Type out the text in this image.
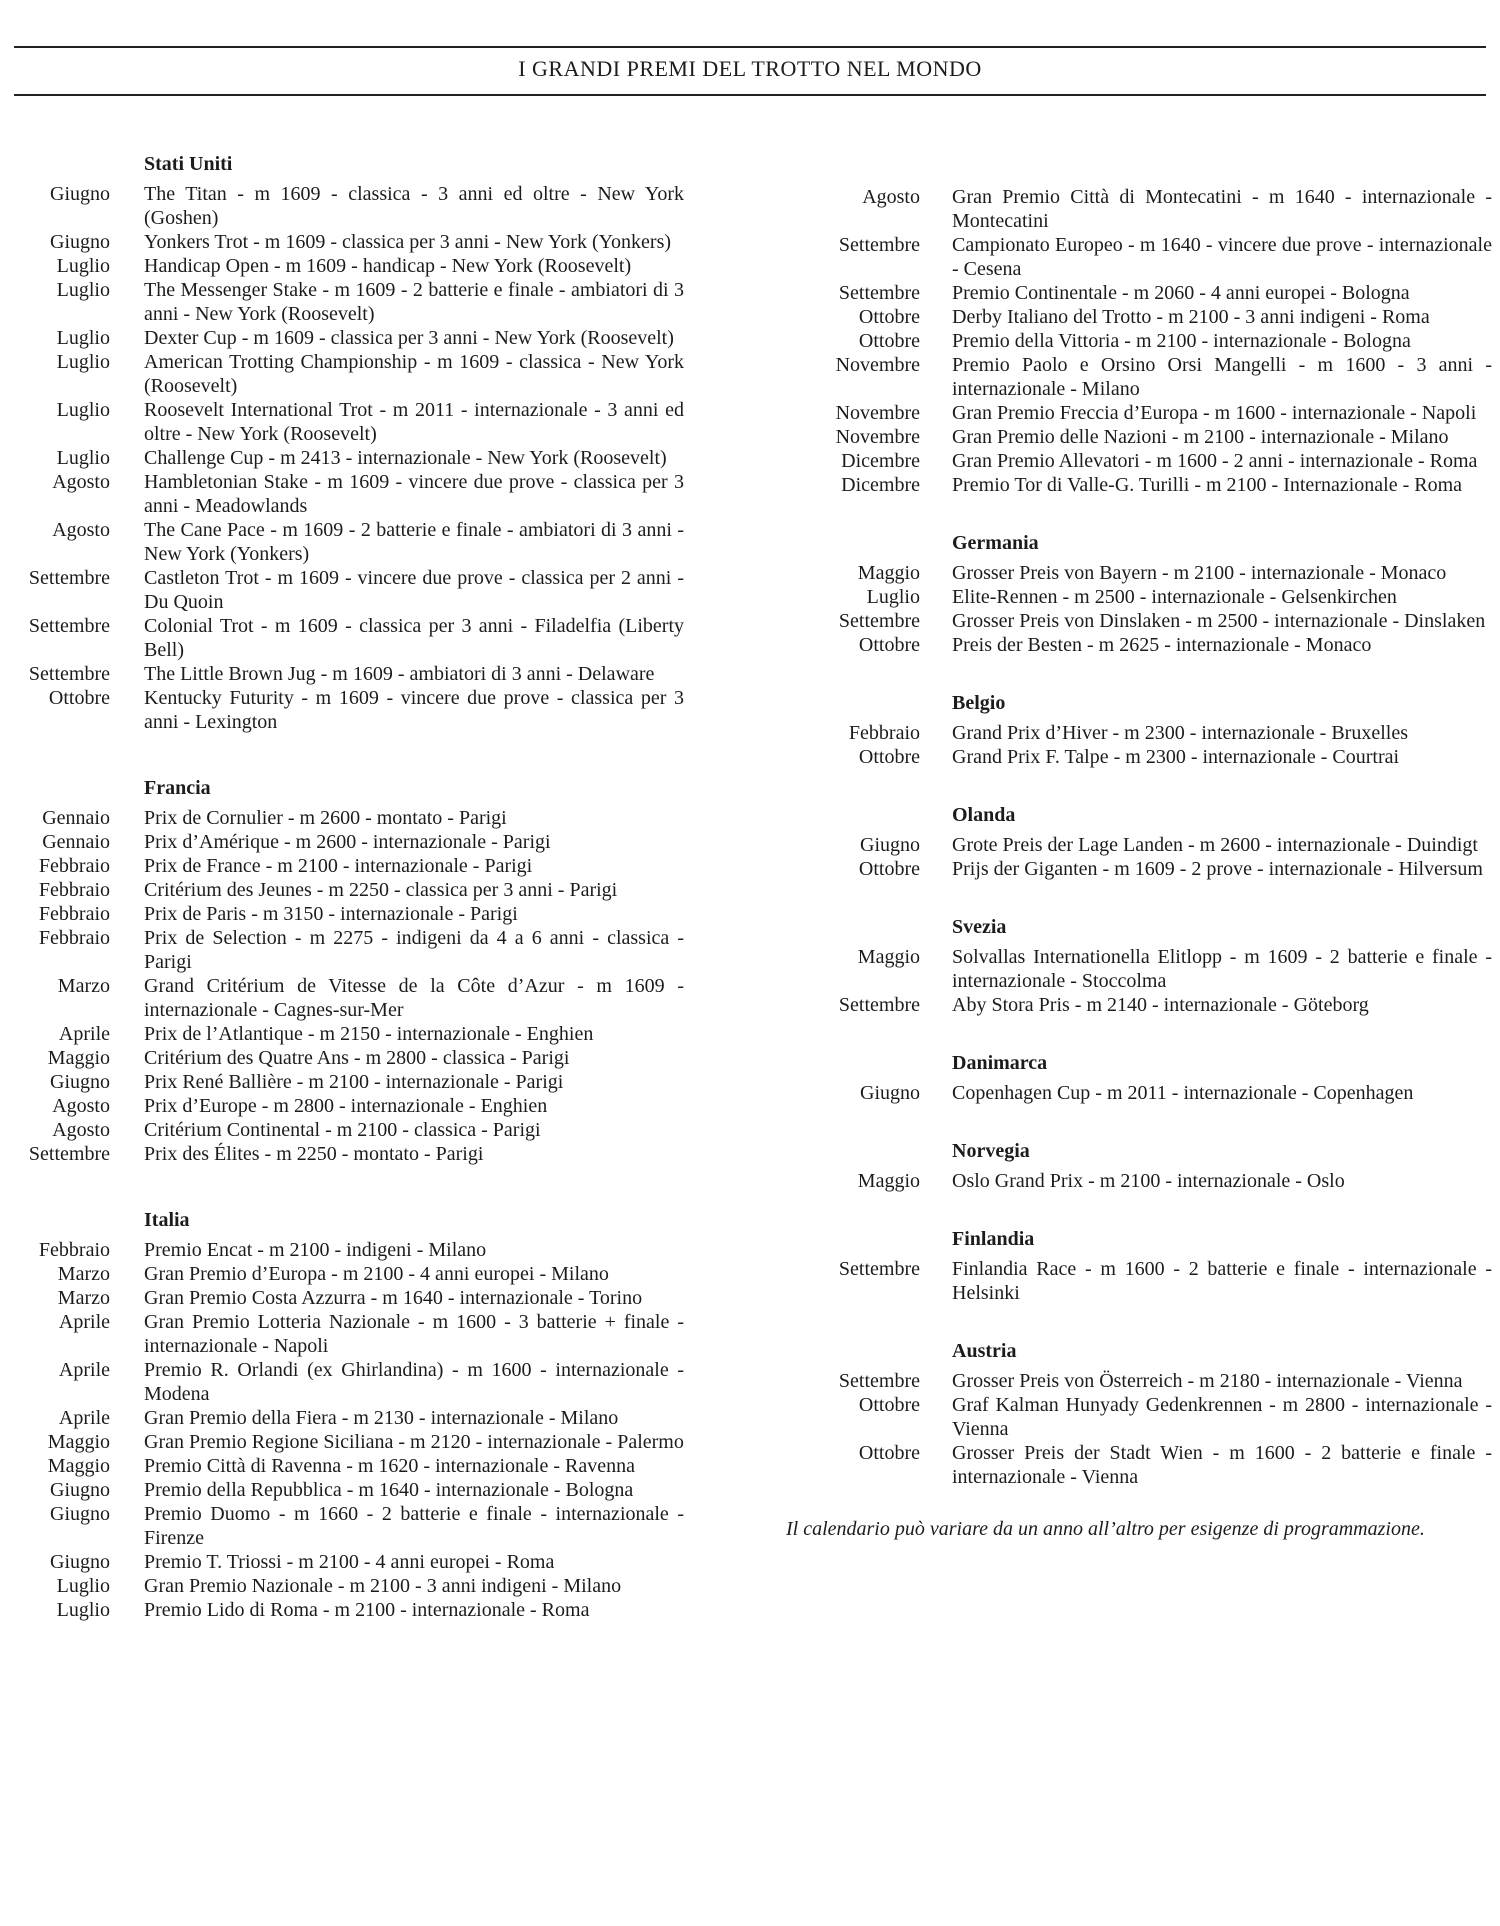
I GRANDI PREMI DEL TROTTO NEL MONDO
Stati Uniti
Giugno The Titan - m 1609 - classica - 3 anni ed oltre - New York (Goshen)
Giugno Yonkers Trot - m 1609 - classica per 3 anni - New York (Yonkers)
Luglio Handicap Open - m 1609 - handicap - New York (Roosevelt)
Luglio The Messenger Stake - m 1609 - 2 batterie e finale - ambiatori di 3 anni - New York (Roosevelt)
Luglio Dexter Cup - m 1609 - classica per 3 anni - New York (Roosevelt)
Luglio American Trotting Championship - m 1609 - classica - New York (Roosevelt)
Luglio Roosevelt International Trot - m 2011 - internazionale - 3 anni ed oltre - New York (Roosevelt)
Luglio Challenge Cup - m 2413 - internazionale - New York (Roosevelt)
Agosto Hambletonian Stake - m 1609 - vincere due prove - classica per 3 anni - Meadowlands
Agosto The Cane Pace - m 1609 - 2 batterie e finale - ambiatori di 3 anni - New York (Yonkers)
Settembre Castleton Trot - m 1609 - vincere due prove - classica per 2 anni - Du Quoin
Settembre Colonial Trot - m 1609 - classica per 3 anni - Filadelfia (Liberty Bell)
Settembre The Little Brown Jug - m 1609 - ambiatori di 3 anni - Delaware
Ottobre Kentucky Futurity - m 1609 - vincere due prove - classica per 3 anni - Lexington
Francia
Gennaio Prix de Cornulier - m 2600 - montato - Parigi
Gennaio Prix d’Amérique - m 2600 - internazionale - Parigi
Febbraio Prix de France - m 2100 - internazionale - Parigi
Febbraio Critérium des Jeunes - m 2250 - classica per 3 anni - Parigi
Febbraio Prix de Paris - m 3150 - internazionale - Parigi
Febbraio Prix de Selection - m 2275 - indigeni da 4 a 6 anni - classica - Parigi
Marzo Grand Critérium de Vitesse de la Côte d’Azur - m 1609 - internazionale - Cagnes-sur-Mer
Aprile Prix de l’Atlantique - m 2150 - internazionale - Enghien
Maggio Critérium des Quatre Ans - m 2800 - classica - Parigi
Giugno Prix René Ballière - m 2100 - internazionale - Parigi
Agosto Prix d’Europe - m 2800 - internazionale - Enghien
Agosto Critérium Continental - m 2100 - classica - Parigi
Settembre Prix des Élites - m 2250 - montato - Parigi
Italia
Febbraio Premio Encat - m 2100 - indigeni - Milano
Marzo Gran Premio d’Europa - m 2100 - 4 anni europei - Milano
Marzo Gran Premio Costa Azzurra - m 1640 - internazionale - Torino
Aprile Gran Premio Lotteria Nazionale - m 1600 - 3 batterie + finale - internazionale - Napoli
Aprile Premio R. Orlandi (ex Ghirlandina) - m 1600 - internazionale - Modena
Aprile Gran Premio della Fiera - m 2130 - internazionale - Milano
Maggio Gran Premio Regione Siciliana - m 2120 - internazionale - Palermo
Maggio Premio Città di Ravenna - m 1620 - internazionale - Ravenna
Giugno Premio della Repubblica - m 1640 - internazionale - Bologna
Giugno Premio Duomo - m 1660 - 2 batterie e finale - internazionale - Firenze
Giugno Premio T. Triossi - m 2100 - 4 anni europei - Roma
Luglio Gran Premio Nazionale - m 2100 - 3 anni indigeni - Milano
Luglio Premio Lido di Roma - m 2100 - internazionale - Roma
Agosto Gran Premio Città di Montecatini - m 1640 - internazionale - Montecatini
Settembre Campionato Europeo - m 1640 - vincere due prove - internazionale - Cesena
Settembre Premio Continentale - m 2060 - 4 anni europei - Bologna
Ottobre Derby Italiano del Trotto - m 2100 - 3 anni indigeni - Roma
Ottobre Premio della Vittoria - m 2100 - internazionale - Bologna
Novembre Premio Paolo e Orsino Orsi Mangelli - m 1600 - 3 anni - internazionale - Milano
Novembre Gran Premio Freccia d’Europa - m 1600 - internazionale - Napoli
Novembre Gran Premio delle Nazioni - m 2100 - internazionale - Milano
Dicembre Gran Premio Allevatori - m 1600 - 2 anni - internazionale - Roma
Dicembre Premio Tor di Valle-G. Turilli - m 2100 - Internazionale - Roma
Germania
Maggio Grosser Preis von Bayern - m 2100 - internazionale - Monaco
Luglio Elite-Rennen - m 2500 - internazionale - Gelsenkirchen
Settembre Grosser Preis von Dinslaken - m 2500 - internazionale - Dinslaken
Ottobre Preis der Besten - m 2625 - internazionale - Monaco
Belgio
Febbraio Grand Prix d’Hiver - m 2300 - internazionale - Bruxelles
Ottobre Grand Prix F. Talpe - m 2300 - internazionale - Courtrai
Olanda
Giugno Grote Preis der Lage Landen - m 2600 - internazionale - Duindigt
Ottobre Prijs der Giganten - m 1609 - 2 prove - internazionale - Hilversum
Svezia
Maggio Solvallas Internationella Elitlopp - m 1609 - 2 batterie e finale - internazionale - Stoccolma
Settembre Aby Stora Pris - m 2140 - internazionale - Göteborg
Danimarca
Giugno Copenhagen Cup - m 2011 - internazionale - Copenhagen
Norvegia
Maggio Oslo Grand Prix - m 2100 - internazionale - Oslo
Finlandia
Settembre Finlandia Race - m 1600 - 2 batterie e finale - internazionale - Helsinki
Austria
Settembre Grosser Preis von Österreich - m 2180 - internazionale - Vienna
Ottobre Graf Kalman Hunyady Gedenkrennen - m 2800 - internazionale - Vienna
Ottobre Grosser Preis der Stadt Wien - m 1600 - 2 batterie e finale - internazionale - Vienna
Il calendario può variare da un anno all’altro per esigenze di programmazione.
